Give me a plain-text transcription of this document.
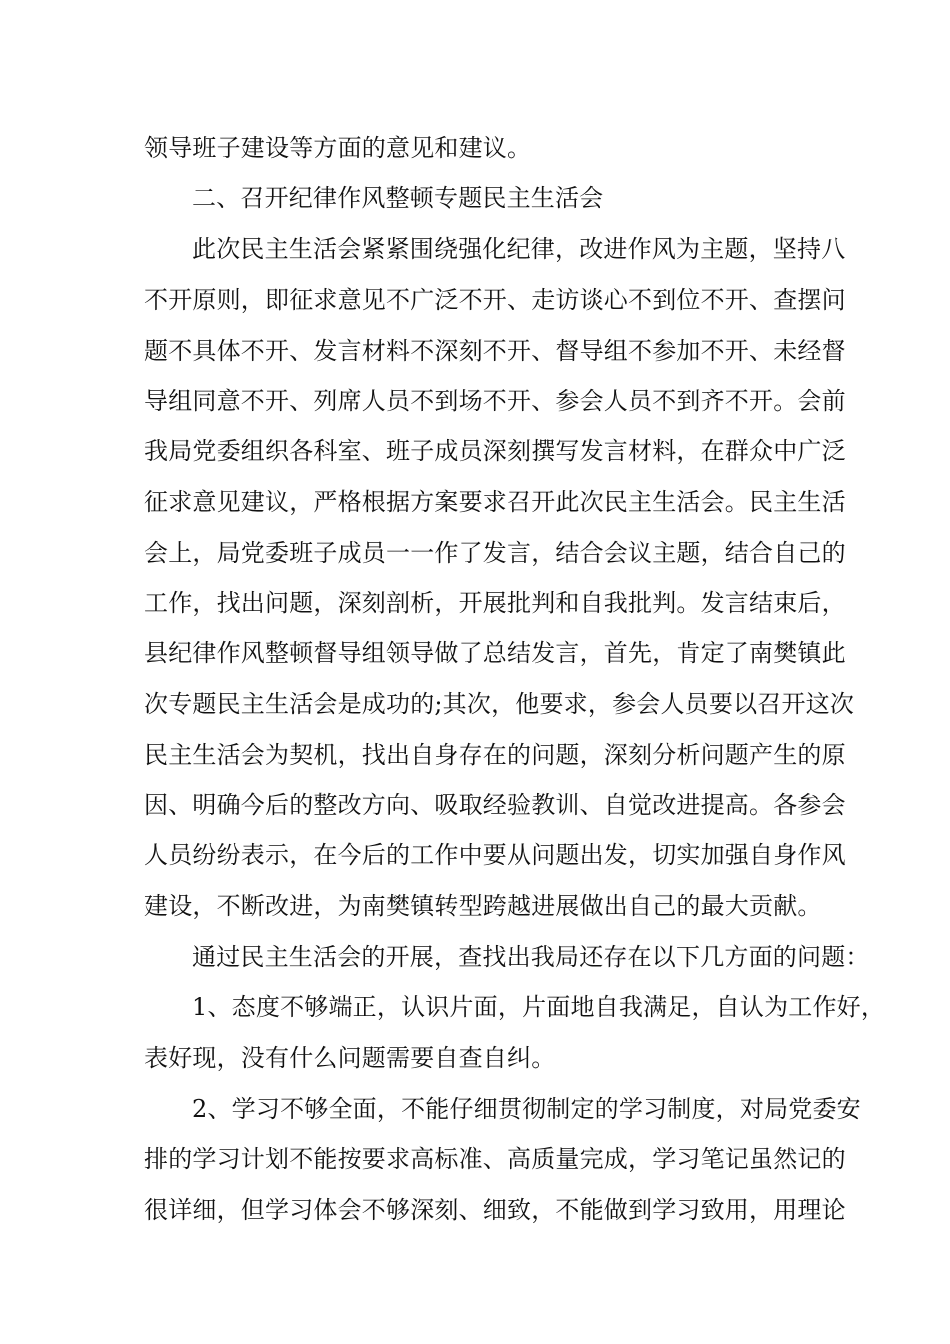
领导班子建设等方面的意见和建议。
二、召开纪律作风整顿专题民主生活会
此次民主生活会紧紧围绕强化纪律，改进作风为主题，坚持八
不开原则，即征求意见不广泛不开、走访谈心不到位不开、查摆问
题不具体不开、发言材料不深刻不开、督导组不参加不开、未经督
导组同意不开、列席人员不到场不开、参会人员不到齐不开。会前
我局党委组织各科室、班子成员深刻撰写发言材料，在群众中广泛
征求意见建议，严格根据方案要求召开此次民主生活会。民主生活
会上，局党委班子成员一一作了发言，结合会议主题，结合自己的
工作，找出问题，深刻剖析，开展批判和自我批判。发言结束后，
县纪律作风整顿督导组领导做了总结发言，首先，肯定了南樊镇此
次专题民主生活会是成功的;其次，他要求，参会人员要以召开这次
民主生活会为契机，找出自身存在的问题，深刻分析问题产生的原
因、明确今后的整改方向、吸取经验教训、自觉改进提高。各参会
人员纷纷表示，在今后的工作中要从问题出发，切实加强自身作风
建设，不断改进，为南樊镇转型跨越进展做出自己的最大贡献。
通过民主生活会的开展，查找出我局还存在以下几方面的问题：
1、态度不够端正，认识片面，片面地自我满足，自认为工作好，
表好现，没有什么问题需要自查自纠。
2、学习不够全面，不能仔细贯彻制定的学习制度，对局党委安
排的学习计划不能按要求高标准、高质量完成，学习笔记虽然记的
很详细，但学习体会不够深刻、细致，不能做到学习致用，用理论
